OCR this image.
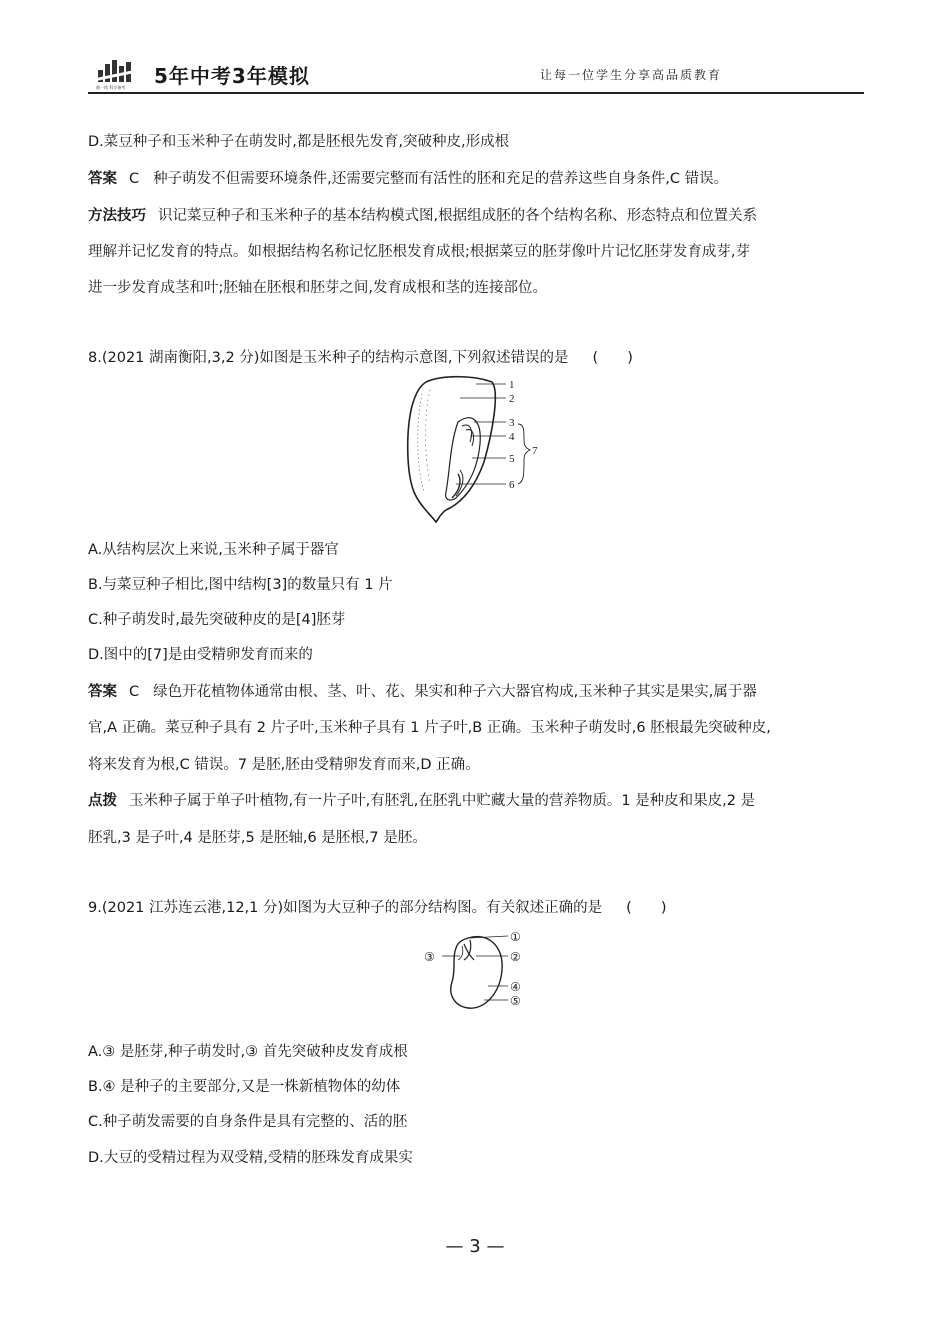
曲一线 科学备考 5年中考3年模拟	让每一位学生分享高品质教育
D.菜豆种子和玉米种子在萌发时,都是胚根先发育,突破种皮,形成根
答案 C 种子萌发不但需要环境条件,还需要完整而有活性的胚和充足的营养这些自身条件,C 错误。
方法技巧 识记菜豆种子和玉米种子的基本结构模式图,根据组成胚的各个结构名称、形态特点和位置关系
理解并记忆发育的特点。如根据结构名称记忆胚根发育成根;根据菜豆的胚芽像叶片记忆胚芽发育成芽,芽
进一步发育成茎和叶;胚轴在胚根和胚芽之间,发育成根和茎的连接部位。
8.(2021 湖南衡阳,3,2 分)如图是玉米种子的结构示意图,下列叙述错误的是 (　　)
1
2
3
4
5
6
7
A.从结构层次上来说,玉米种子属于器官
B.与菜豆种子相比,图中结构[3]的数量只有 1 片
C.种子萌发时,最先突破种皮的是[4]胚芽
D.图中的[7]是由受精卵发育而来的
答案 C 绿色开花植物体通常由根、茎、叶、花、果实和种子六大器官构成,玉米种子其实是果实,属于器
官,A 正确。菜豆种子具有 2 片子叶,玉米种子具有 1 片子叶,B 正确。玉米种子萌发时,6 胚根最先突破种皮,
将来发育为根,C 错误。7 是胚,胚由受精卵发育而来,D 正确。
点拨 玉米种子属于单子叶植物,有一片子叶,有胚乳,在胚乳中贮藏大量的营养物质。1 是种皮和果皮,2 是
胚乳,3 是子叶,4 是胚芽,5 是胚轴,6 是胚根,7 是胚。
9.(2021 江苏连云港,12,1 分)如图为大豆种子的部分结构图。有关叙述正确的是 (　　)
①
②
③
④
⑤
A.③ 是胚芽,种子萌发时,③ 首先突破种皮发育成根
B.④ 是种子的主要部分,又是一株新植物体的幼体
C.种子萌发需要的自身条件是具有完整的、活的胚
D.大豆的受精过程为双受精,受精的胚珠发育成果实
— 3 —
